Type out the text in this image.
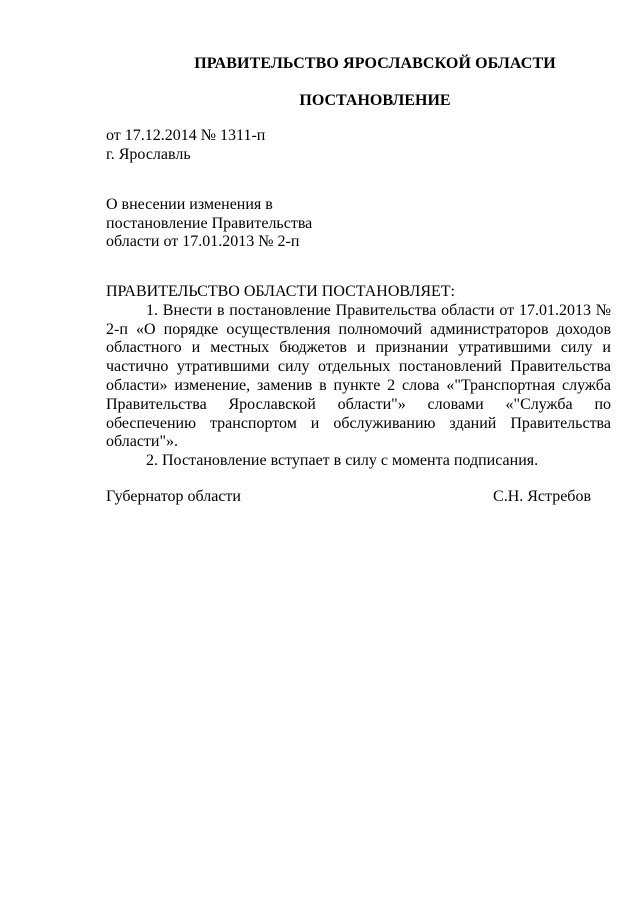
ПРАВИТЕЛЬСТВО ЯРОСЛАВСКОЙ ОБЛАСТИ
ПОСТАНОВЛЕНИЕ
от 17.12.2014 № 1311-п
г. Ярославль
О внесении изменения в
постановление Правительства
области от 17.01.2013 № 2-п
ПРАВИТЕЛЬСТВО ОБЛАСТИ ПОСТАНОВЛЯЕТ:

1. Внести в постановление Правительства области от 17.01.2013 № 2-п «О порядке осуществления полномочий администраторов доходов областного и местных бюджетов и признании утратившими силу и частично утратившими силу отдельных постановлений Правительства области» изменение, заменив в пункте 2 слова «"Транспортная служба Правительства Ярославской области"» словами «"Служба по обеспечению транспортом и обслуживанию зданий Правительства области"».

2. Постановление вступает в силу с момента подписания.

Губернатор области	С.Н. Ястребов
